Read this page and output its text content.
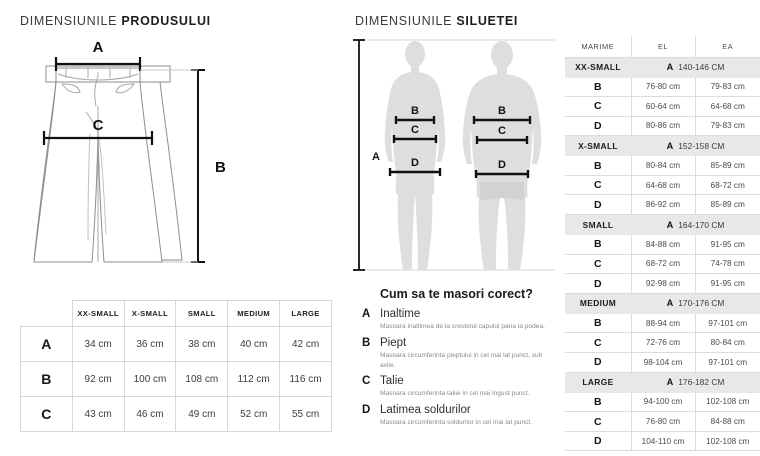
DIMENSIUNILE PRODUSULUI
A
C
B
	XX-SMALL	X-SMALL	SMALL	MEDIUM	LARGE
A	34 cm	36 cm	38 cm	40 cm	42 cm
B	92 cm	100 cm	108 cm	112 cm	116 cm
C	43 cm	46 cm	49 cm	52 cm	55 cm
DIMENSIUNILE SILUETEI
A
B
C
D
B
C
D
Cum sa te masori corect?
A Inaltime
Masoara inaltimea de la crestetul capului pana la podea.
B Piept
Masoara circumferinta pieptului in cel mai lat punct, sub axile.
C Talie
Masoara circumferinta taliei in cel mai ingust punct.
D Latimea soldurilor
Masoara circumferinta soldurilor in cel mai lat punct.
MARIME	EL	EA
XX-SMALL	A 140-146 CM	
B	76-80 cm	79-83 cm
C	60-64 cm	64-68 cm
D	80-86 cm	79-83 cm
X-SMALL	A 152-158 CM	
B	80-84 cm	85-89 cm
C	64-68 cm	68-72 cm
D	86-92 cm	85-89 cm
SMALL	A 164-170 CM	
B	84-88 cm	91-95 cm
C	68-72 cm	74-78 cm
D	92-98 cm	91-95 cm
MEDIUM	A 170-176 CM	
B	88-94 cm	97-101 cm
C	72-76 cm	80-84 cm
D	98-104 cm	97-101 cm
LARGE	A 176-182 CM	
B	94-100 cm	102-108 cm
C	76-80 cm	84-88 cm
D	104-110 cm	102-108 cm
